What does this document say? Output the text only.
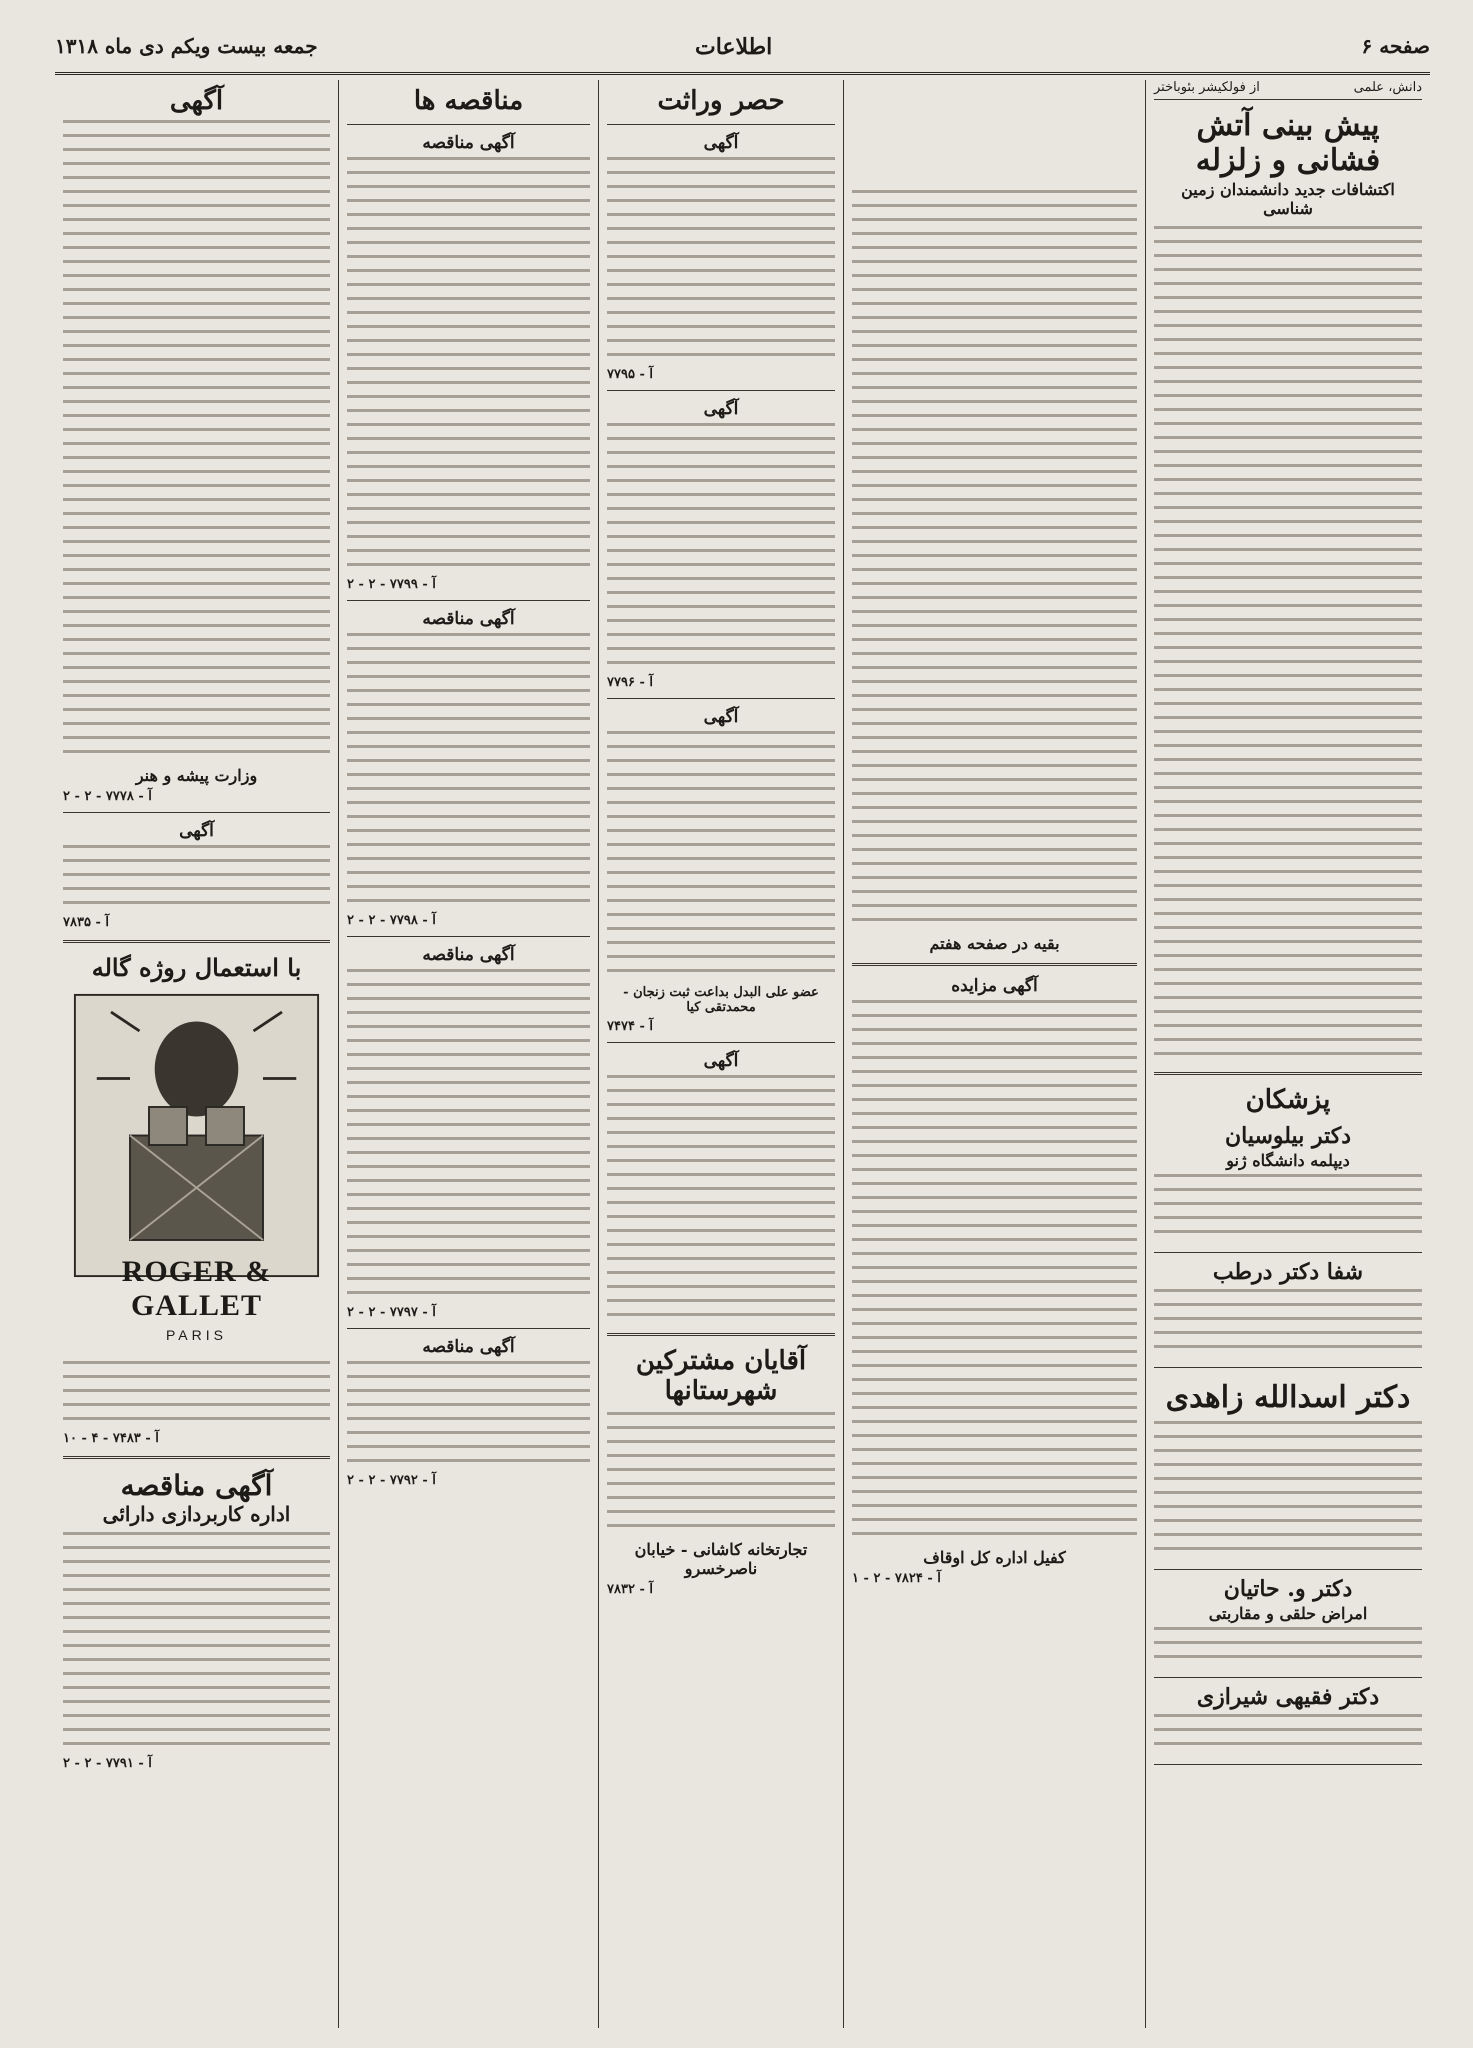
صفحه ۶
اطلاعات
جمعه بیست ویکم دی ماه ۱۳۱۸
دانش، علمی
از فولکیشر بئوباختر
پیش بینی آتش فشانی و زلزله
اکتشافات جدید دانشمندان زمین شناسی
پزشکان
دکتر بیلوسیان
دیپلمه دانشگاه ژنو
شفا دکتر درطب
دکتر اسدالله زاهدی
دکتر و. حاتیان
امراض حلقی و مقاربتی
دکتر فقیهی شیرازی
بقیه در صفحه هفتم
آگهی مزایده
کفیل اداره کل اوقاف
آ - ۷۸۲۴ - ۲ - ۱
حصر وراثت
آگهی
آ - ۷۷۹۵
آگهی
آ - ۷۷۹۶
آگهی
عضو علی البدل بداعت ثبت زنجان - محمدتقی کیا
آ - ۷۴۷۴
آگهی
آقایان مشترکین شهرستانها
تجارتخانه کاشانی - خیابان ناصرخسرو
آ - ۷۸۳۲
مناقصه ها
آگهی مناقصه
آ - ۷۷۹۹ - ۲ - ۲
آگهی مناقصه
آ - ۷۷۹۸ - ۲ - ۲
آگهی مناقصه
آ - ۷۷۹۷ - ۲ - ۲
آگهی مناقصه
آ - ۷۷۹۲ - ۲ - ۲
آگهی
وزارت پیشه و هنر
آ - ۷۷۷۸ - ۲ - ۲
آگهی
آ - ۷۸۳۵
با استعمال روژه گاله
ROGER & GALLET
PARIS
آ - ۷۴۸۳ - ۴ - ۱۰
آگهی مناقصه
اداره کاربردازی دارائی
آ - ۷۷۹۱ - ۲ - ۲
